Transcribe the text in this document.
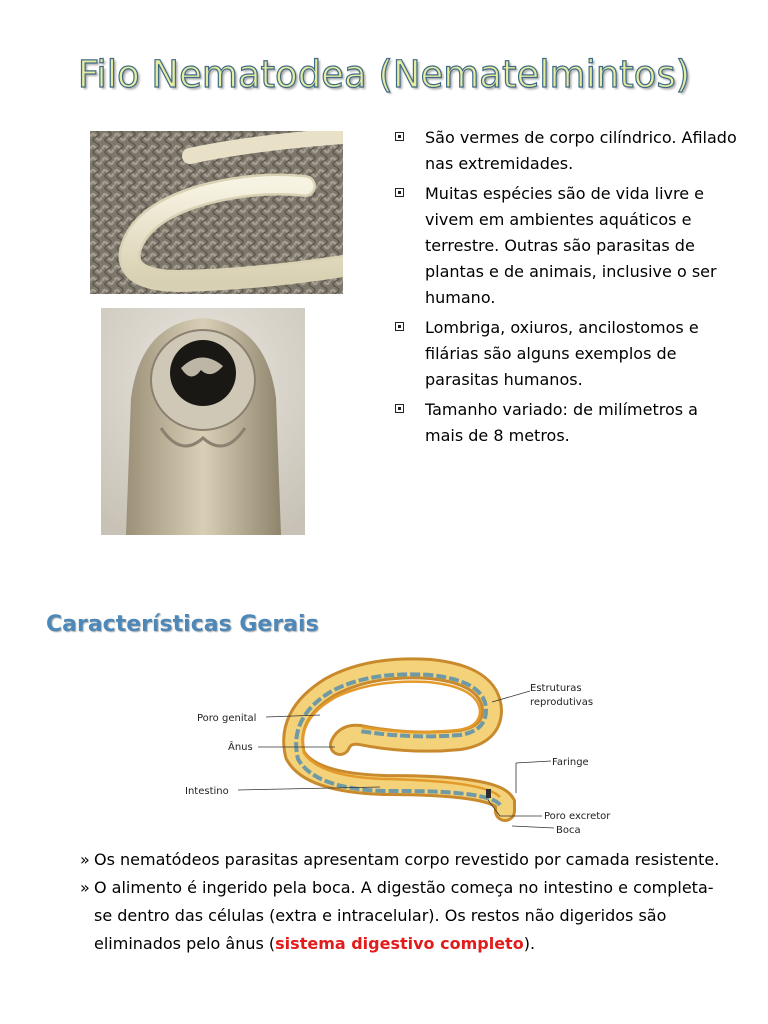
Filo Nematodea (Nematelmintos)
São vermes de corpo cilíndrico. Afilado nas extremidades.
Muitas espécies são de vida livre e vivem em ambientes aquáticos e terrestre. Outras são parasitas de plantas e de animais, inclusive o ser humano.
Lombriga, oxiuros, ancilostomos e filárias são alguns exemplos de parasitas humanos.
Tamanho variado: de milímetros a mais de 8 metros.
Características Gerais
Estruturas
reprodutivas
Poro genital
Ânus
Intestino
Faringe
Poro excretor
Boca
» Os nematódeos parasitas apresentam corpo revestido por camada resistente.
» O alimento é ingerido pela boca. A digestão começa no intestino e completa-se dentro das células (extra e intracelular). Os restos não digeridos são eliminados pelo ânus (sistema digestivo completo).
